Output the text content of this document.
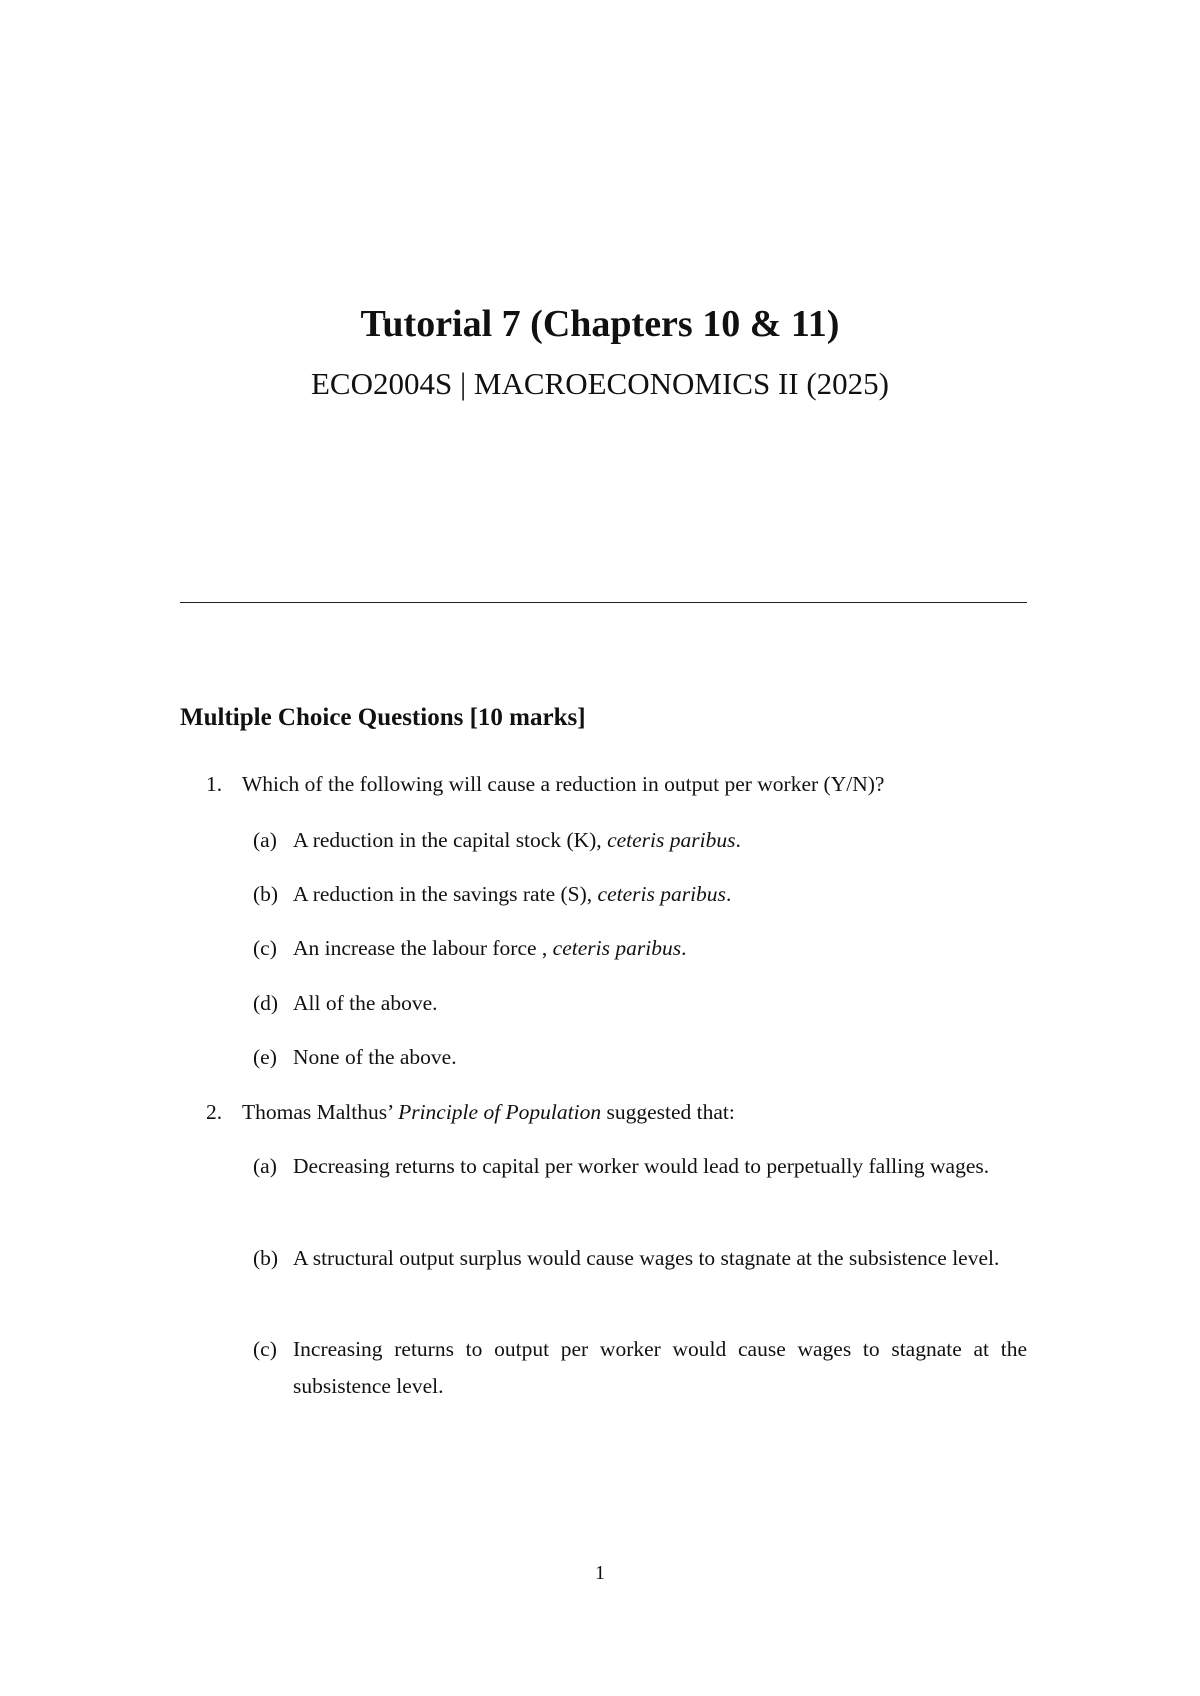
Tutorial 7 (Chapters 10 & 11)
ECO2004S | MACROECONOMICS II (2025)
Multiple Choice Questions [10 marks]
1. Which of the following will cause a reduction in output per worker (Y/N)?
(a) A reduction in the capital stock (K), ceteris paribus.
(b) A reduction in the savings rate (S), ceteris paribus.
(c) An increase the labour force , ceteris paribus.
(d) All of the above.
(e) None of the above.
2. Thomas Malthus’ Principle of Population suggested that:
(a) Decreasing returns to capital per worker would lead to perpetually falling wages.
(b) A structural output surplus would cause wages to stagnate at the subsistence level.
(c) Increasing returns to output per worker would cause wages to stagnate at the subsistence level.
1
